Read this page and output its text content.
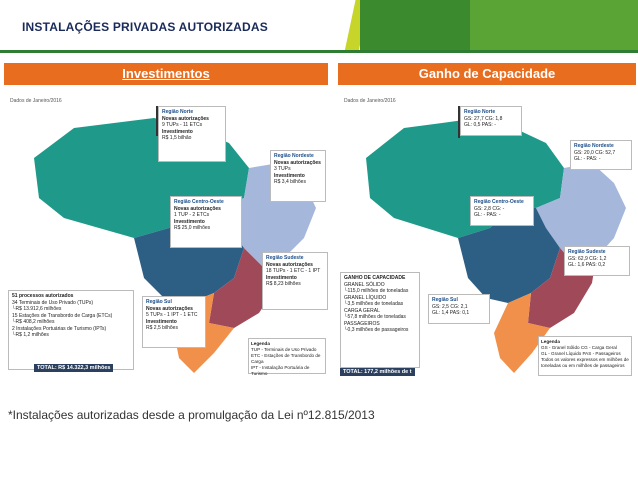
INSTALAÇÕES PRIVADAS AUTORIZADAS
Investimentos	Ganho de Capacidade
Dados de Janeiro/2016
Região Norte
Novas autorizações
9 TUPs - 11 ETCs
Investimento
R$ 1,5 bilhão
Região Nordeste
Novas autorizações
3 TUPs
Investimento
R$ 3,4 bilhões
Região Centro-Oeste
Novas autorizações
1 TUP - 2 ETCs
Investimento
R$ 25,0 milhões
Região Sudeste
Novas autorizações
18 TUPs - 1 ETC - 1 IPT
Investimento
R$ 8,23 bilhões
Região Sul
Novas autorizações
5 TUPs - 1 IPT - 1 ETC
Investimento
R$ 2,5 bilhões
51 processos autorizados
34 Terminais de Uso Privado (TUPs)
└R$ 13.912,6 milhões
15 Estações de Transbordo de Carga (ETCs)
└R$ 408,2 milhões
2 Instalações Portuárias de Turismo (IPTs)
└R$ 1,2 milhões
TOTAL: R$ 14.322,3 milhões
Legenda
TUP - Terminais de Uso Privado
ETC - Estações de Transbordo de Carga
IPT - Instalação Portuária de Turismo
Dados de Janeiro/2016
Região Norte
GS: 27,7 CG: 1,8
GL: 0,5 PAS: -
Região Nordeste
GS: 20,0 CG: 52,7
GL: - PAS: -
Região Centro-Oeste
GS: 2,8 CG: -
GL: - PAS: -
Região Sudeste
GS: 62,9 CG: 1,2
GL: 1,6 PAS: 0,2
Região Sul
GS: 2,5 CG: 2,1
GL: 1,4 PAS: 0,1
GANHO DE CAPACIDADE
GRANEL SÓLIDO
└115,0 milhões de toneladas
GRANEL LÍQUIDO
└3,5 milhões de toneladas
CARGA GERAL
└57,8 milhões de toneladas
PASSAGEIROS
└0,3 milhões de passageiros
TOTAL: 177,2 milhões de t
Legenda
GS - Granel Sólido CG - Carga Geral
GL - Granel Líquido PAS - Passageiros
Todos os valores expressos em milhões de toneladas ou em milhões de passageiros
*Instalações autorizadas desde a promulgação da Lei nº12.815/2013
